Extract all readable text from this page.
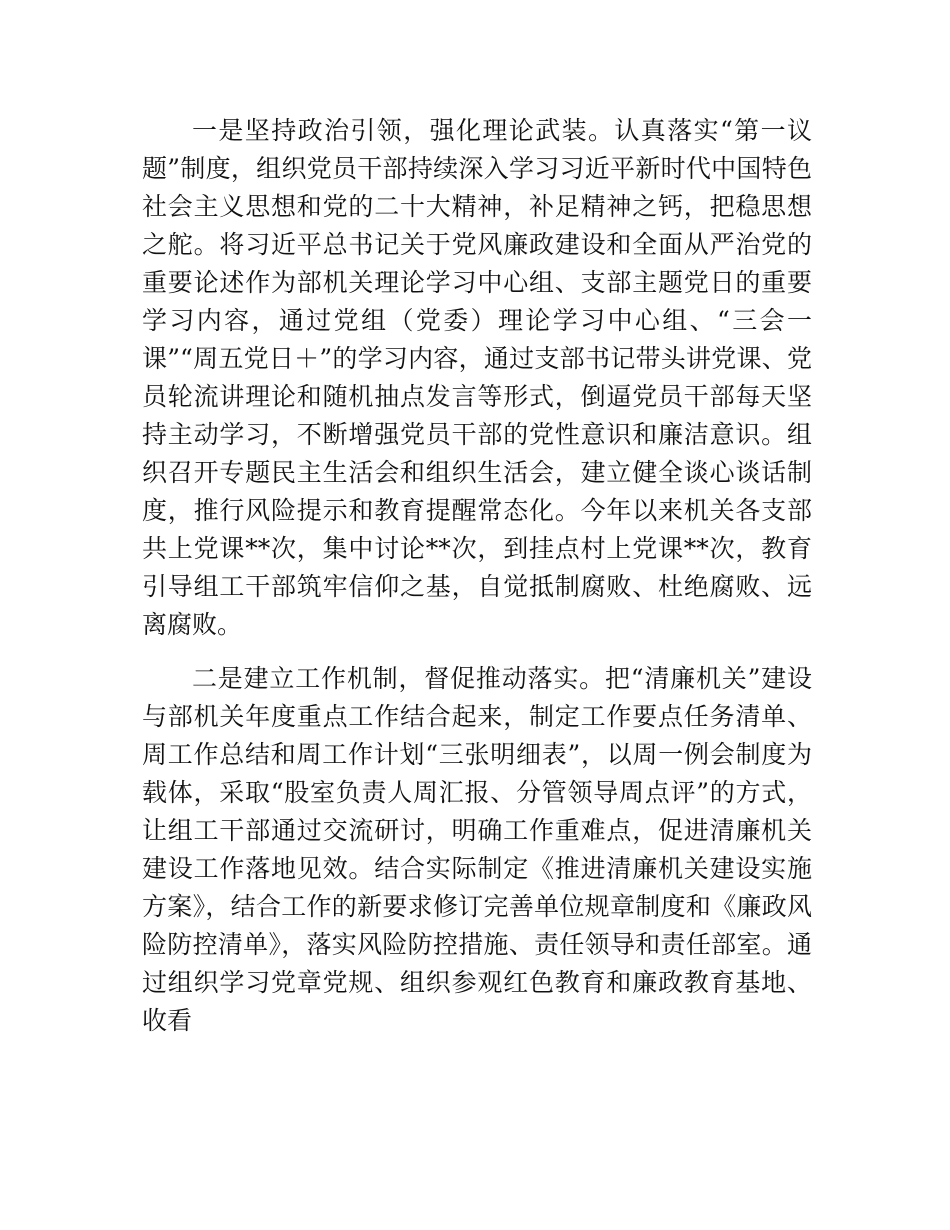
一是坚持政治引领，强化理论武装。认真落实“第一议题”制度，组织党员干部持续深入学习习近平新时代中国特色社会主义思想和党的二十大精神，补足精神之钙，把稳思想之舵。将习近平总书记关于党风廉政建设和全面从严治党的重要论述作为部机关理论学习中心组、支部主题党日的重要学习内容，通过党组（党委）理论学习中心组、“三会一课”“周五党日＋”的学习内容，通过支部书记带头讲党课、党员轮流讲理论和随机抽点发言等形式，倒逼党员干部每天坚持主动学习，不断增强党员干部的党性意识和廉洁意识。组织召开专题民主生活会和组织生活会，建立健全谈心谈话制度，推行风险提示和教育提醒常态化。今年以来机关各支部共上党课**次，集中讨论**次，到挂点村上党课**次，教育引导组工干部筑牢信仰之基，自觉抵制腐败、杜绝腐败、远离腐败。

二是建立工作机制，督促推动落实。把“清廉机关”建设与部机关年度重点工作结合起来，制定工作要点任务清单、周工作总结和周工作计划“三张明细表”，以周一例会制度为载体，采取“股室负责人周汇报、分管领导周点评”的方式，让组工干部通过交流研讨，明确工作重难点，促进清廉机关建设工作落地见效。结合实际制定《推进清廉机关建设实施方案》，结合工作的新要求修订完善单位规章制度和《廉政风险防控清单》，落实风险防控措施、责任领导和责任部室。通过组织学习党章党规、组织参观红色教育和廉政教育基地、收看
